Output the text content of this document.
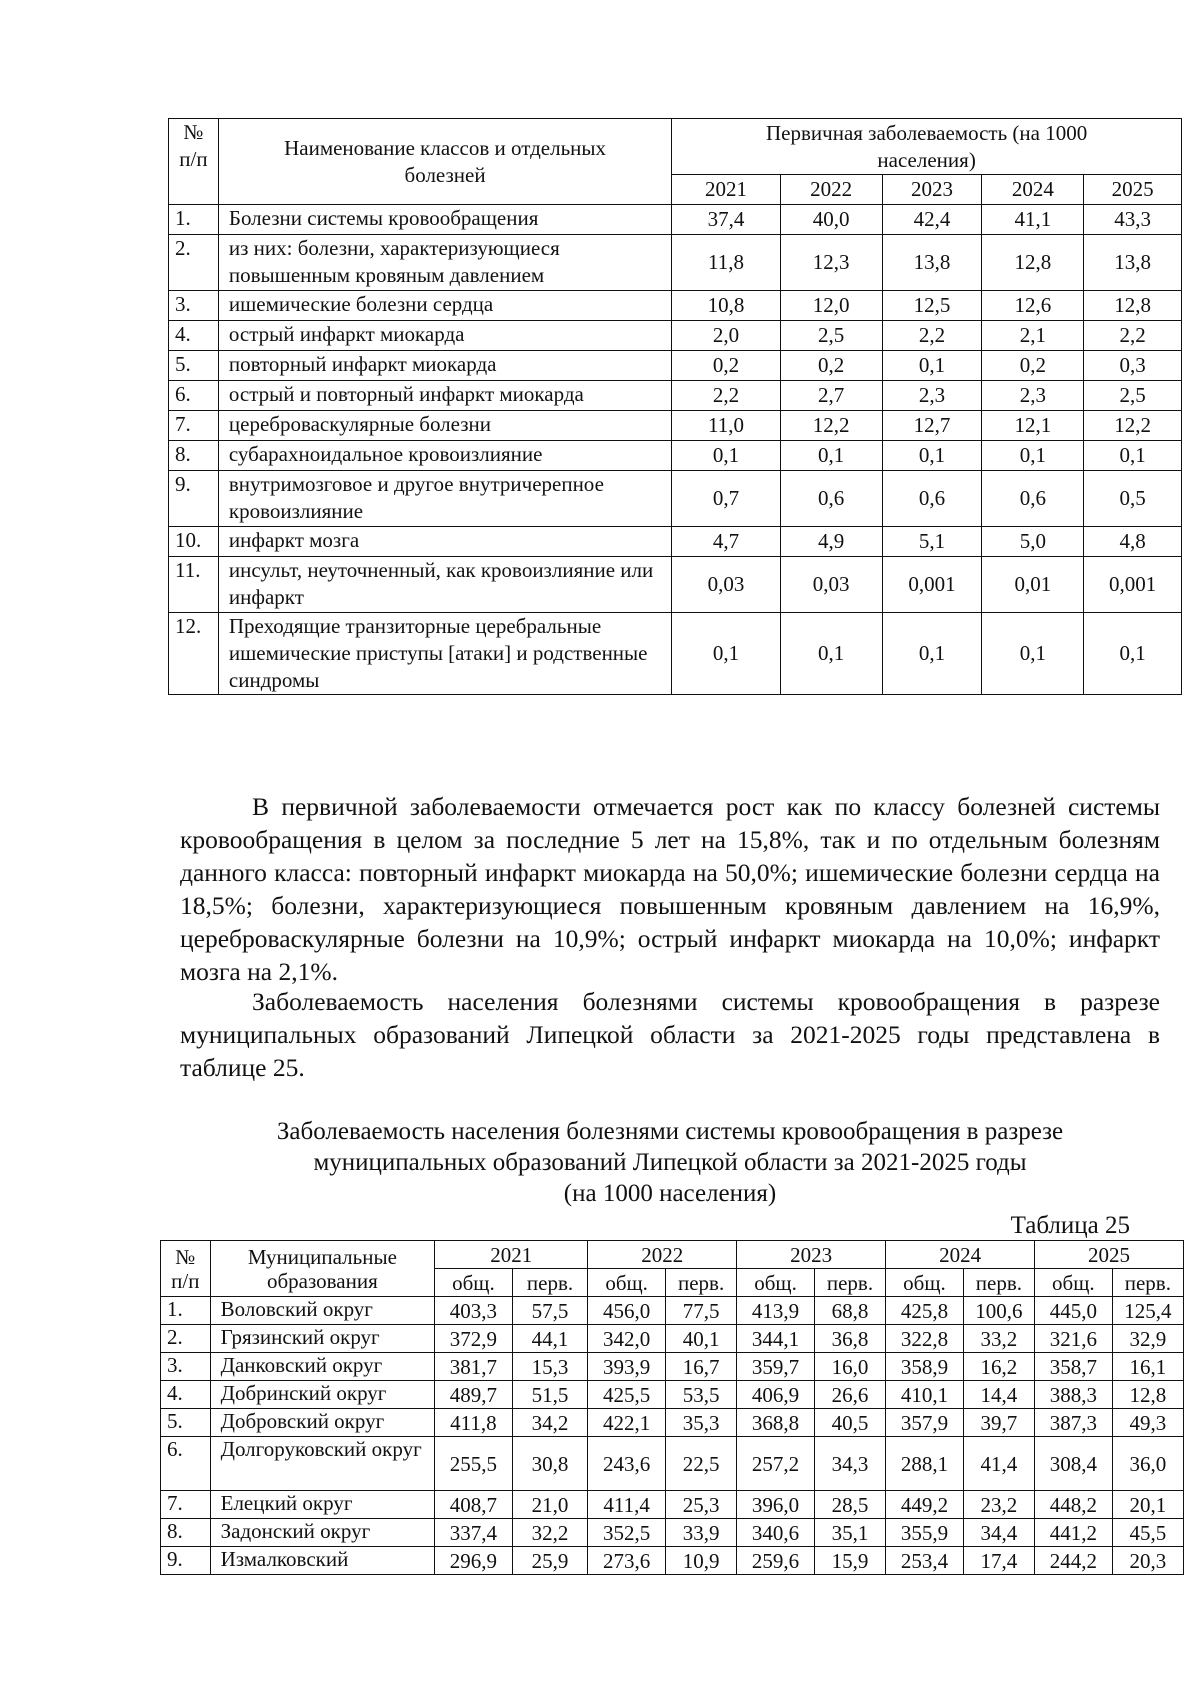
№
п/п	Наименование классов и отдельных болезней	Первичная заболеваемость (на 1000 населения)				
		2021	2022	2023	2024	2025
1.	Болезни системы кровообращения	37,4	40,0	42,4	41,1	43,3
2.	из них: болезни, характеризующиеся повышенным кровяным давлением	11,8	12,3	13,8	12,8	13,8
3.	ишемические болезни сердца	10,8	12,0	12,5	12,6	12,8
4.	острый инфаркт миокарда	2,0	2,5	2,2	2,1	2,2
5.	повторный инфаркт миокарда	0,2	0,2	0,1	0,2	0,3
6.	острый и повторный инфаркт миокарда	2,2	2,7	2,3	2,3	2,5
7.	цереброваскулярные болезни	11,0	12,2	12,7	12,1	12,2
8.	субарахноидальное кровоизлияние	0,1	0,1	0,1	0,1	0,1
9.	внутримозговое и другое внутричерепное кровоизлияние	0,7	0,6	0,6	0,6	0,5
10.	инфаркт мозга	4,7	4,9	5,1	5,0	4,8
11.	инсульт, неуточненный, как кровоизлияние или инфаркт	0,03	0,03	0,001	0,01	0,001
12.	Преходящие транзиторные церебральные ишемические приступы [атаки] и родственные синдромы	0,1	0,1	0,1	0,1	0,1

В первичной заболеваемости отмечается рост как по классу болезней системы кровообращения в целом за последние 5 лет на 15,8%, так и по отдельным болезням данного класса: повторный инфаркт миокарда на 50,0%; ишемические болезни сердца на 18,5%; болезни, характеризующиеся повышенным кровяным давлением на 16,9%, цереброваскулярные болезни на 10,9%; острый инфаркт миокарда на 10,0%; инфаркт мозга на 2,1%.

Заболеваемость населения болезнями системы кровообращения в разрезе муниципальных образований Липецкой области за 2021-2025 годы представлена в таблице 25.

Заболеваемость населения болезнями системы кровообращения в разрезе
муниципальных образований Липецкой области за 2021-2025 годы
(на 1000 населения)
Таблица 25
№
п/п	Муниципальные
образования	2021		2022		2023		2024		2025	
		общ.	перв.	общ.	перв.	общ.	перв.	общ.	перв.	общ.	перв.
1.	Воловский округ	403,3	57,5	456,0	77,5	413,9	68,8	425,8	100,6	445,0	125,4
2.	Грязинский округ	372,9	44,1	342,0	40,1	344,1	36,8	322,8	33,2	321,6	32,9
3.	Данковский округ	381,7	15,3	393,9	16,7	359,7	16,0	358,9	16,2	358,7	16,1
4.	Добринский округ	489,7	51,5	425,5	53,5	406,9	26,6	410,1	14,4	388,3	12,8
5.	Добровский округ	411,8	34,2	422,1	35,3	368,8	40,5	357,9	39,7	387,3	49,3
6.	Долгоруковский округ	255,5	30,8	243,6	22,5	257,2	34,3	288,1	41,4	308,4	36,0
7.	Елецкий округ	408,7	21,0	411,4	25,3	396,0	28,5	449,2	23,2	448,2	20,1
8.	Задонский округ	337,4	32,2	352,5	33,9	340,6	35,1	355,9	34,4	441,2	45,5
9.	Измалковский	296,9	25,9	273,6	10,9	259,6	15,9	253,4	17,4	244,2	20,3
